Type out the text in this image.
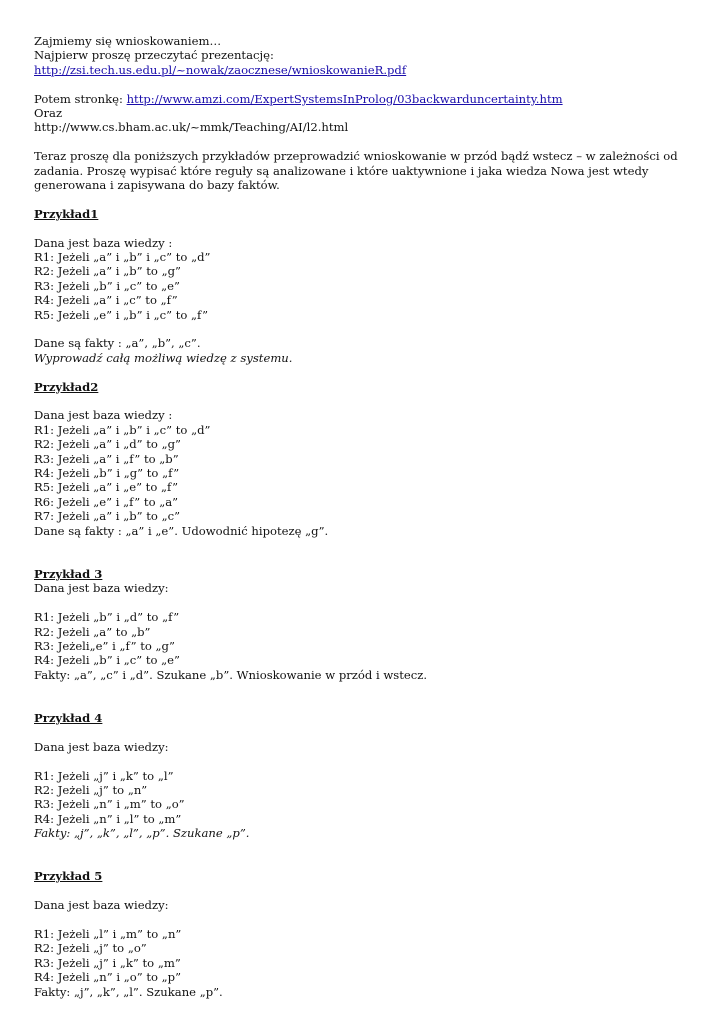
Zajmiemy się wnioskowaniem…
Najpierw proszę przeczytać prezentację:
http://zsi.tech.us.edu.pl/~nowak/zaocznese/wnioskowanieR.pdf
Potem stronkę: http://www.amzi.com/ExpertSystemsInProlog/03backwarduncertainty.htm
Oraz
http://www.cs.bham.ac.uk/~mmk/Teaching/AI/l2.html
Teraz proszę dla poniższych przykładów przeprowadzić wnioskowanie w przód bądź wstecz – w zależności od zadania. Proszę wypisać które reguły są analizowane i które uaktywnione i jaka wiedza Nowa jest wtedy generowana i zapisywana do bazy faktów.
Przykład1
Dana jest baza wiedzy :
R1: Jeżeli „a” i „b” i „c” to „d”
R2: Jeżeli „a” i „b” to „g”
R3: Jeżeli „b” i „c” to „e”
R4: Jeżeli „a” i „c” to „f”
R5: Jeżeli „e” i „b” i „c” to „f”
Dane są fakty : „a”, „b”, „c”.
Wyprowadź całą możliwą wiedzę z systemu.
Przykład2
Dana jest baza wiedzy :
R1: Jeżeli „a” i „b” i „c” to „d”
R2: Jeżeli „a” i „d” to „g”
R3: Jeżeli „a” i „f” to „b”
R4: Jeżeli „b” i „g” to „f”
R5: Jeżeli „a” i „e” to „f”
R6: Jeżeli „e” i „f” to „a”
R7: Jeżeli „a” i „b” to „c”
Dane są fakty : „a” i „e”. Udowodnić hipotezę „g”.
Przykład 3
Dana jest baza wiedzy:
R1: Jeżeli „b” i „d” to „f”
R2: Jeżeli „a” to „b”
R3: Jeżeli„e” i „f” to „g”
R4: Jeżeli „b” i „c” to „e”
Fakty: „a”, „c” i „d”. Szukane „b”. Wnioskowanie w przód i wstecz.
Przykład 4
Dana jest baza wiedzy:
R1: Jeżeli „j” i „k” to „l”
R2: Jeżeli „j” to „n”
R3: Jeżeli „n” i „m” to „o”
R4: Jeżeli „n” i „l” to „m”
Fakty: „j”, „k”, „l”, „p”. Szukane „p”.
Przykład 5
Dana jest baza wiedzy:
R1: Jeżeli „l” i „m” to „n”
R2: Jeżeli „j” to „o”
R3: Jeżeli „j” i „k” to „m”
R4: Jeżeli „n” i „o” to „p”
Fakty: „j”, „k”, „l”. Szukane „p”.
